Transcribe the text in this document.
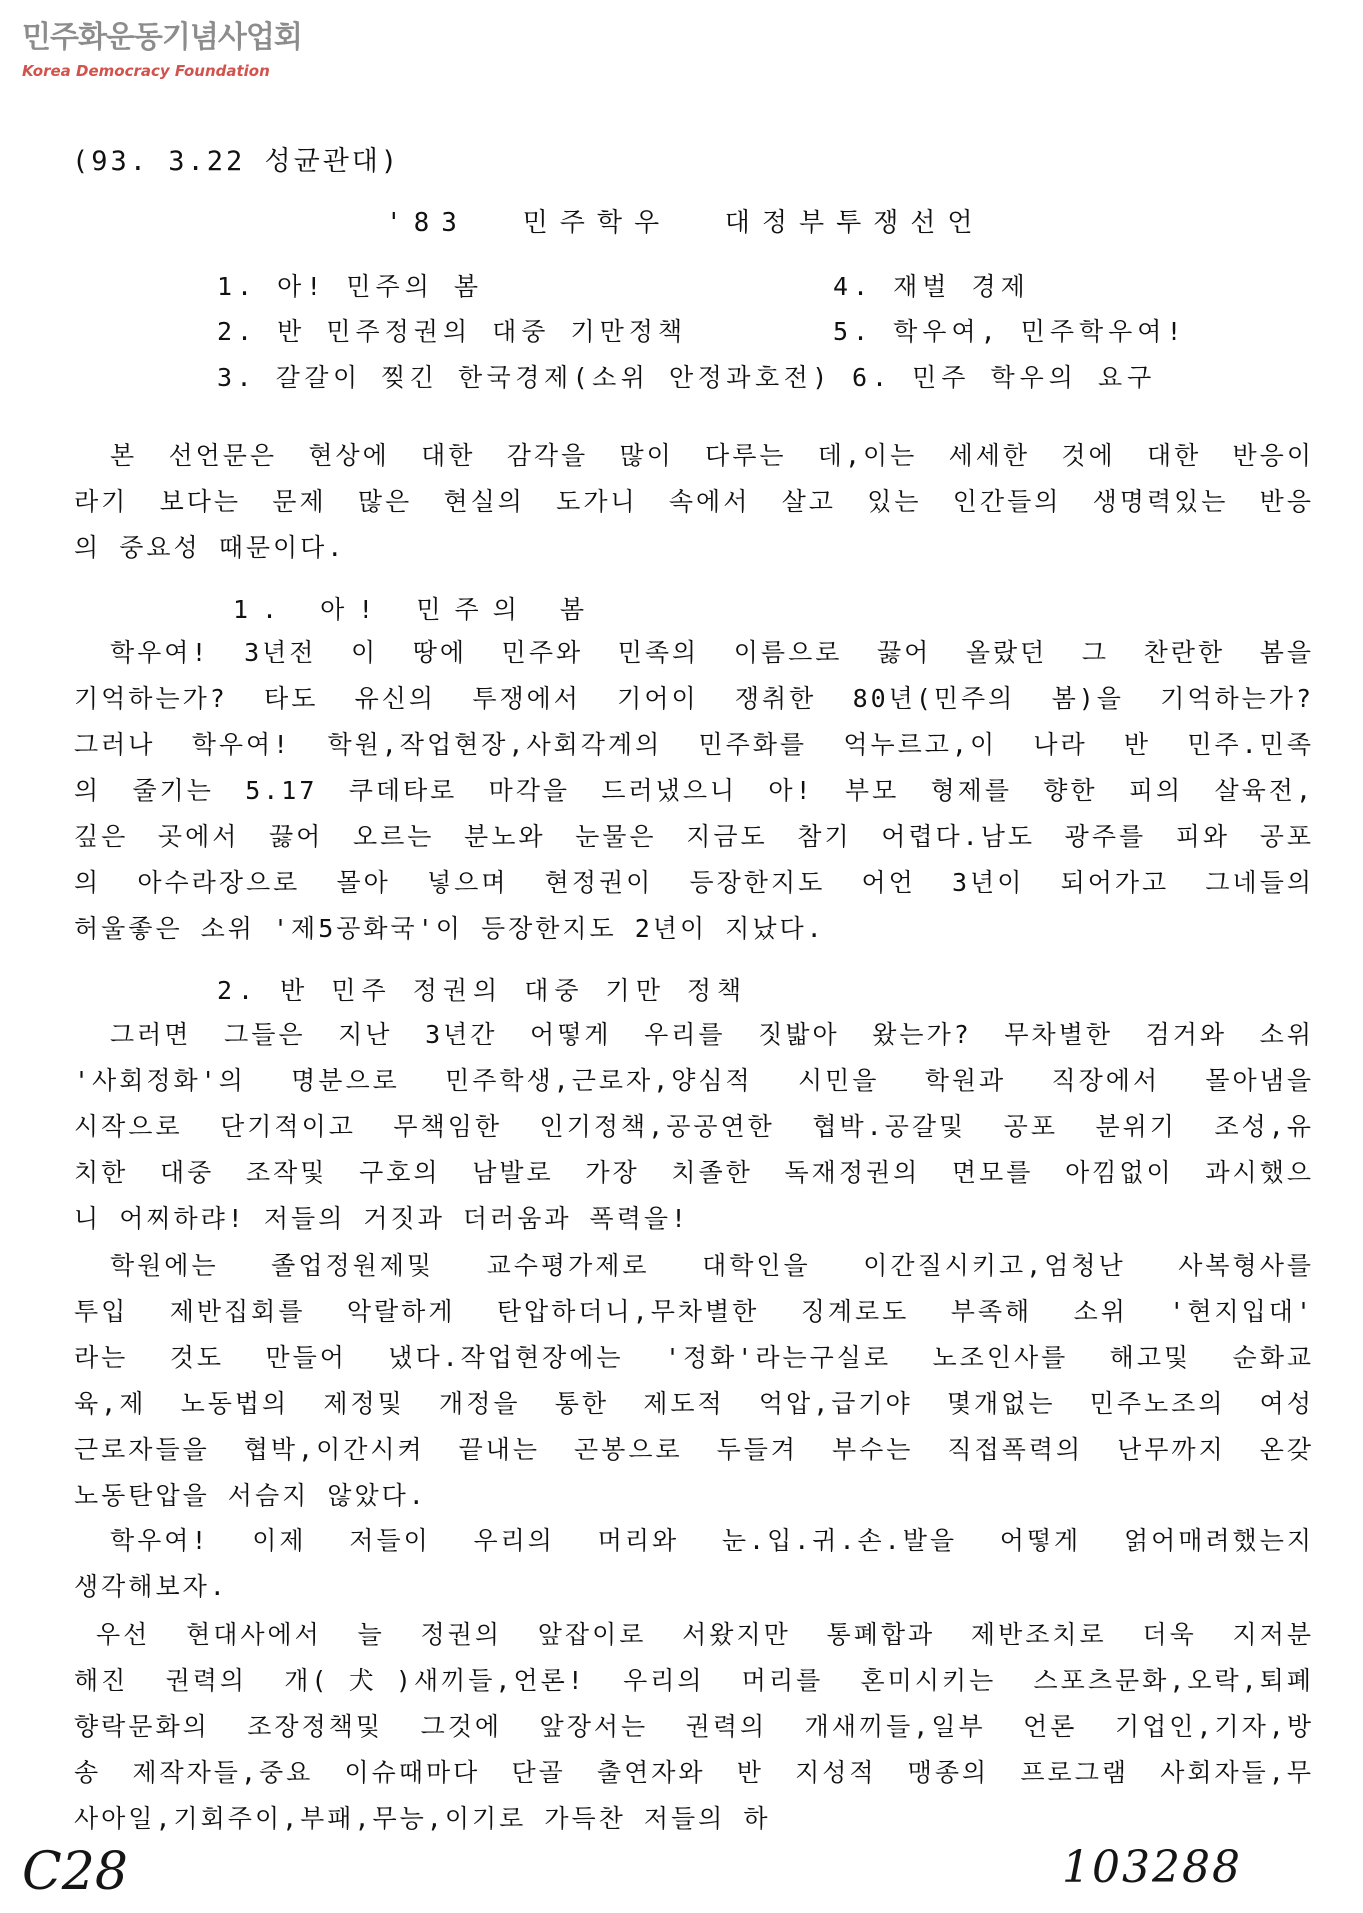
민주화운동기념사업회
Korea Democracy Foundation
(93. 3.22 성균관대)
'83 민주학우 대정부투쟁선언
1. 아! 민주의 봄
2. 반 민주정권의 대중 기만정책
3. 갈갈이 찢긴 한국경제(소위 안정과호전)
4. 재벌 경제
5. 학우여, 민주학우여!
6. 민주 학우의 요구
본 선언문은 현상에 대한 감각을 많이 다루는 데,이는 세세한 것에 대한 반응이
라기 보다는 문제 많은 현실의 도가니 속에서 살고 있는 인간들의 생명력있는 반응
의 중요성 때문이다.
1. 아! 민주의 봄
학우여! 3년전 이 땅에 민주와 민족의 이름으로 끓어 올랐던 그 찬란한 봄을
기억하는가? 타도 유신의 투쟁에서 기어이 쟁취한 80년(민주의 봄)을 기억하는가?
그러나 학우여! 학원,작업현장,사회각계의 민주화를 억누르고,이 나라 반 민주.민족
의 줄기는 5.17 쿠데타로 마각을 드러냈으니 아! 부모 형제를 향한 피의 살육전,
깊은 곳에서 끓어 오르는 분노와 눈물은 지금도 참기 어렵다.남도 광주를 피와 공포
의 아수라장으로 몰아 넣으며 현정권이 등장한지도 어언 3년이 되어가고 그네들의
허울좋은 소위 '제5공화국'이 등장한지도 2년이 지났다.
2. 반 민주 정권의 대중 기만 정책
그러면 그들은 지난 3년간 어떻게 우리를 짓밟아 왔는가? 무차별한 검거와 소위
'사회정화'의 명분으로 민주학생,근로자,양심적 시민을 학원과 직장에서 몰아냄을
시작으로 단기적이고 무책임한 인기정책,공공연한 협박.공갈및 공포 분위기 조성,유
치한 대중 조작및 구호의 남발로 가장 치졸한 독재정권의 면모를 아낌없이 과시했으
니 어찌하랴! 저들의 거짓과 더러움과 폭력을!
학원에는 졸업정원제및 교수평가제로 대학인을 이간질시키고,엄청난 사복형사를
투입 제반집회를 악랄하게 탄압하더니,무차별한 징계로도 부족해 소위 '현지입대'
라는 것도 만들어 냈다.작업현장에는 '정화'라는구실로 노조인사를 해고및 순화교
육,제 노동법의 제정및 개정을 통한 제도적 억압,급기야 몇개없는 민주노조의 여성
근로자들을 협박,이간시켜 끝내는 곤봉으로 두들겨 부수는 직접폭력의 난무까지 온갖
노동탄압을 서슴지 않았다.
학우여! 이제 저들이 우리의 머리와 눈.입.귀.손.발을 어떻게 얽어매려했는지
생각해보자.
우선 현대사에서 늘 정권의 앞잡이로 서왔지만 통폐합과 제반조치로 더욱 지저분
해진 권력의 개(犬)새끼들,언론! 우리의 머리를 혼미시키는 스포츠문화,오락,퇴폐
향락문화의 조장정책및 그것에 앞장서는 권력의 개새끼들,일부 언론 기업인,기자,방
송 제작자들,중요 이슈때마다 단골 출연자와 반 지성적 맹종의 프로그램 사회자들,무
사아일,기회주이,부패,무능,이기로 가득찬 저들의 하
C28	103288
